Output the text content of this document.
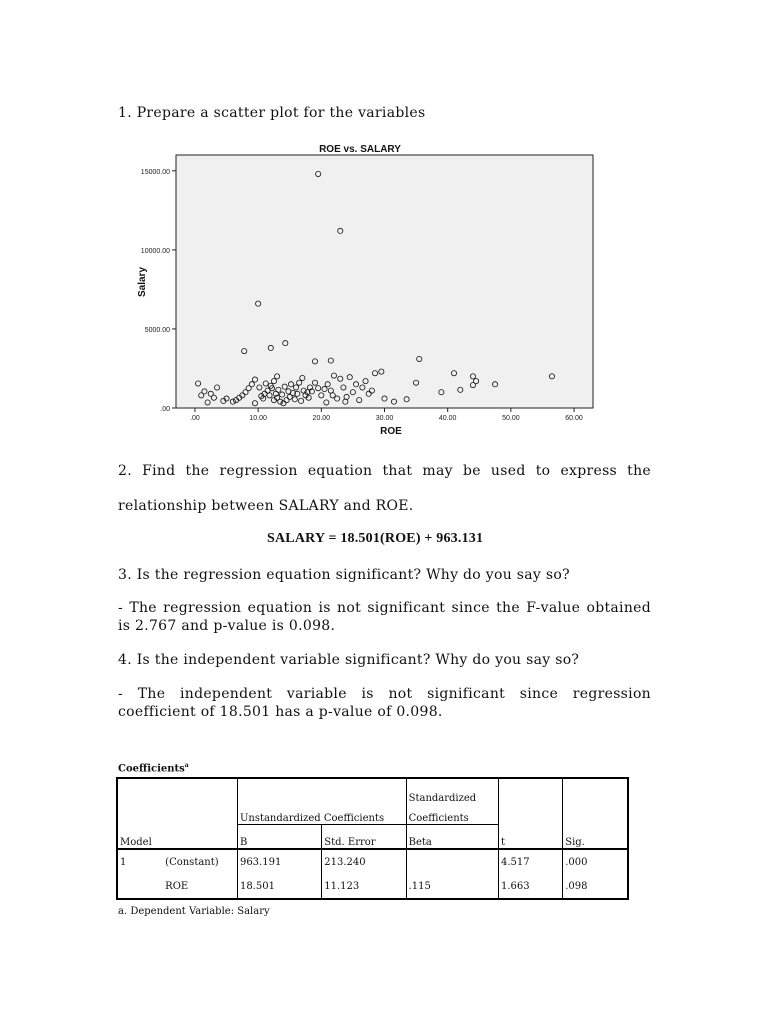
1. Prepare a scatter plot for the variables
ROE vs. SALARY
.00
5000.00
10000.00
15000.00
.00	10.00	20.00	30.00	40.00	50.00	60.00
Salary
ROE
2. Find the regression equation that may be used to express the
relationship between SALARY and ROE.
SALARY = 18.501(ROE) + 963.131
3. Is the regression equation significant? Why do you say so?
- The regression equation is not significant since the F-value obtained is 2.767 and p-value is 0.098.
4. Is the independent variable significant? Why do you say so?
- The independent variable is not significant since regression coefficient of 18.501 has a p-value of 0.098.
Coefficients$^a$
				Standardized		
		Unstandardized Coefficients		Coefficients		
Model		B	Std. Error	Beta	t	Sig.
1	(Constant)	963.191	213.240		4.517	.000
	ROE	18.501	11.123	.115	1.663	.098
a. Dependent Variable: Salary
